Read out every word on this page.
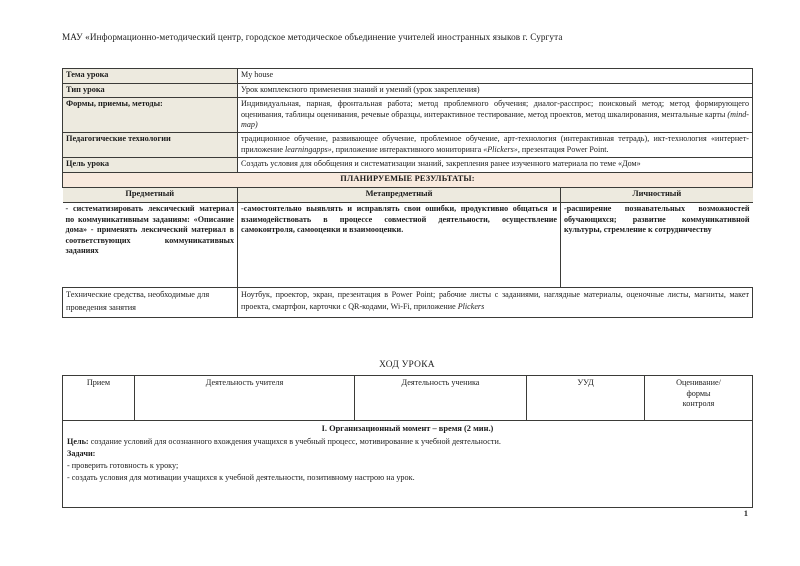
МАУ «Информационно-методический центр, городское методическое объединение учителей иностранных языков г. Сургута
Тема урока	My house
Тип урока	Урок комплексного применения знаний и умений (урок закрепления)
Формы, приемы, методы:	Индивидуальная, парная, фронтальная работа; метод проблемного обучения; диалог-расспрос; поисковый метод; метод формирующего оценивания, таблицы оценивания, речевые образцы, интерактивное тестирование, метод проектов, метод шкалирования, ментальные карты (mind-map)
Педагогические технологии	традиционное обучение, развивающее обучение, проблемное обучение, арт-технология (интерактивная тетрадь), икт-технология «интернет-приложение learningapps», приложение интерактивного мониторинга «Plickers», презентация Power Point.
Цель урока	Создать условия для обобщения и систематизации знаний, закрепления ранее изученного материала по теме «Дом»
ПЛАНИРУЕМЫЕ РЕЗУЛЬТАТЫ:

Предметный	Метапредметный	Личностный
- систематизировать лексический материал по коммуникативным заданиям: «Описание дома» - применять лексический материал в соответствующих коммуникативных заданиях	-самостоятельно выявлять и исправлять свои ошибки, продуктивно общаться и взаимодействовать в процессе совместной деятельности, осуществление самоконтроля, самооценки и взаимооценки.	-расширение познавательных возможностей обучающихся; развитие коммуникативной культуры, стремление к сотрудничеству

Технические средства, необходимые для проведения занятия	Ноутбук, проектор, экран, презентация в Power Point; рабочие листы с заданиями, наглядные материалы, оценочные листы, магниты, макет проекта, смартфон, карточки с QR-кодами, Wi-Fi, приложение Plickers
ХОД УРОКА
Прием	Деятельность учителя	Деятельность ученика	УУД	Оценивание/
формы
контроля

I. Организационный момент – время (2 мин.)
Цель: создание условий для осознанного вхождения учащихся в учебный процесс, мотивирование к учебной деятельности.
Задачи:
- проверить готовность к уроку;
- создать условия для мотивации учащихся к учебной деятельности, позитивному настрою на урок.
1
